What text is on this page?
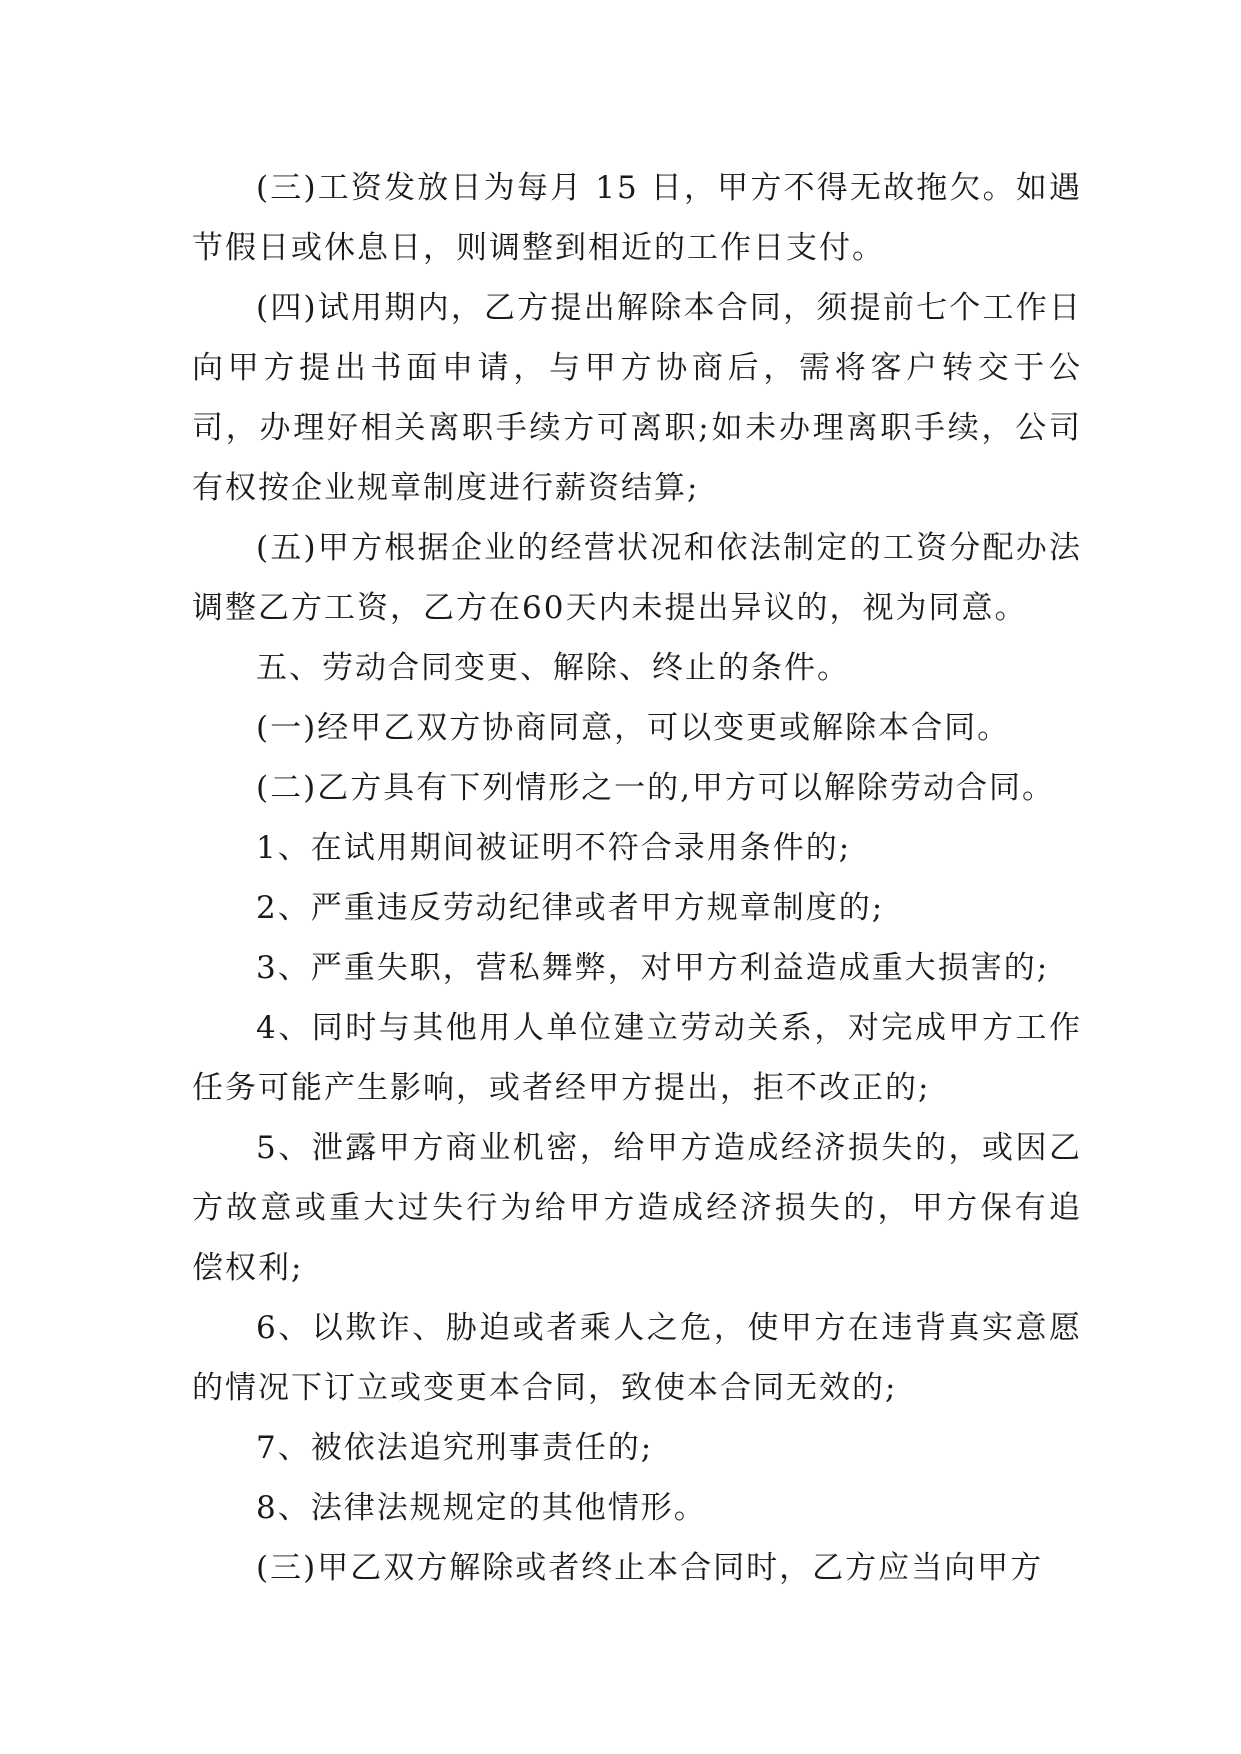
(三)工资发放日为每月 15 日，甲方不得无故拖欠。如遇节假日或休息日，则调整到相近的工作日支付。

(四)试用期内，乙方提出解除本合同，须提前七个工作日向甲方提出书面申请，与甲方协商后，需将客户转交于公司，办理好相关离职手续方可离职;如未办理离职手续，公司有权按企业规章制度进行薪资结算;

(五)甲方根据企业的经营状况和依法制定的工资分配办法调整乙方工资，乙方在60天内未提出异议的，视为同意。

五、劳动合同变更、解除、终止的条件。

(一)经甲乙双方协商同意，可以变更或解除本合同。

(二)乙方具有下列情形之一的,甲方可以解除劳动合同。

1、在试用期间被证明不符合录用条件的;

2、严重违反劳动纪律或者甲方规章制度的;

3、严重失职，营私舞弊，对甲方利益造成重大损害的;

4、同时与其他用人单位建立劳动关系，对完成甲方工作任务可能产生影响，或者经甲方提出，拒不改正的;

5、泄露甲方商业机密，给甲方造成经济损失的，或因乙方故意或重大过失行为给甲方造成经济损失的，甲方保有追偿权利;

6、以欺诈、胁迫或者乘人之危，使甲方在违背真实意愿的情况下订立或变更本合同，致使本合同无效的;

7、被依法追究刑事责任的;

8、法律法规规定的其他情形。

(三)甲乙双方解除或者终止本合同时，乙方应当向甲方
